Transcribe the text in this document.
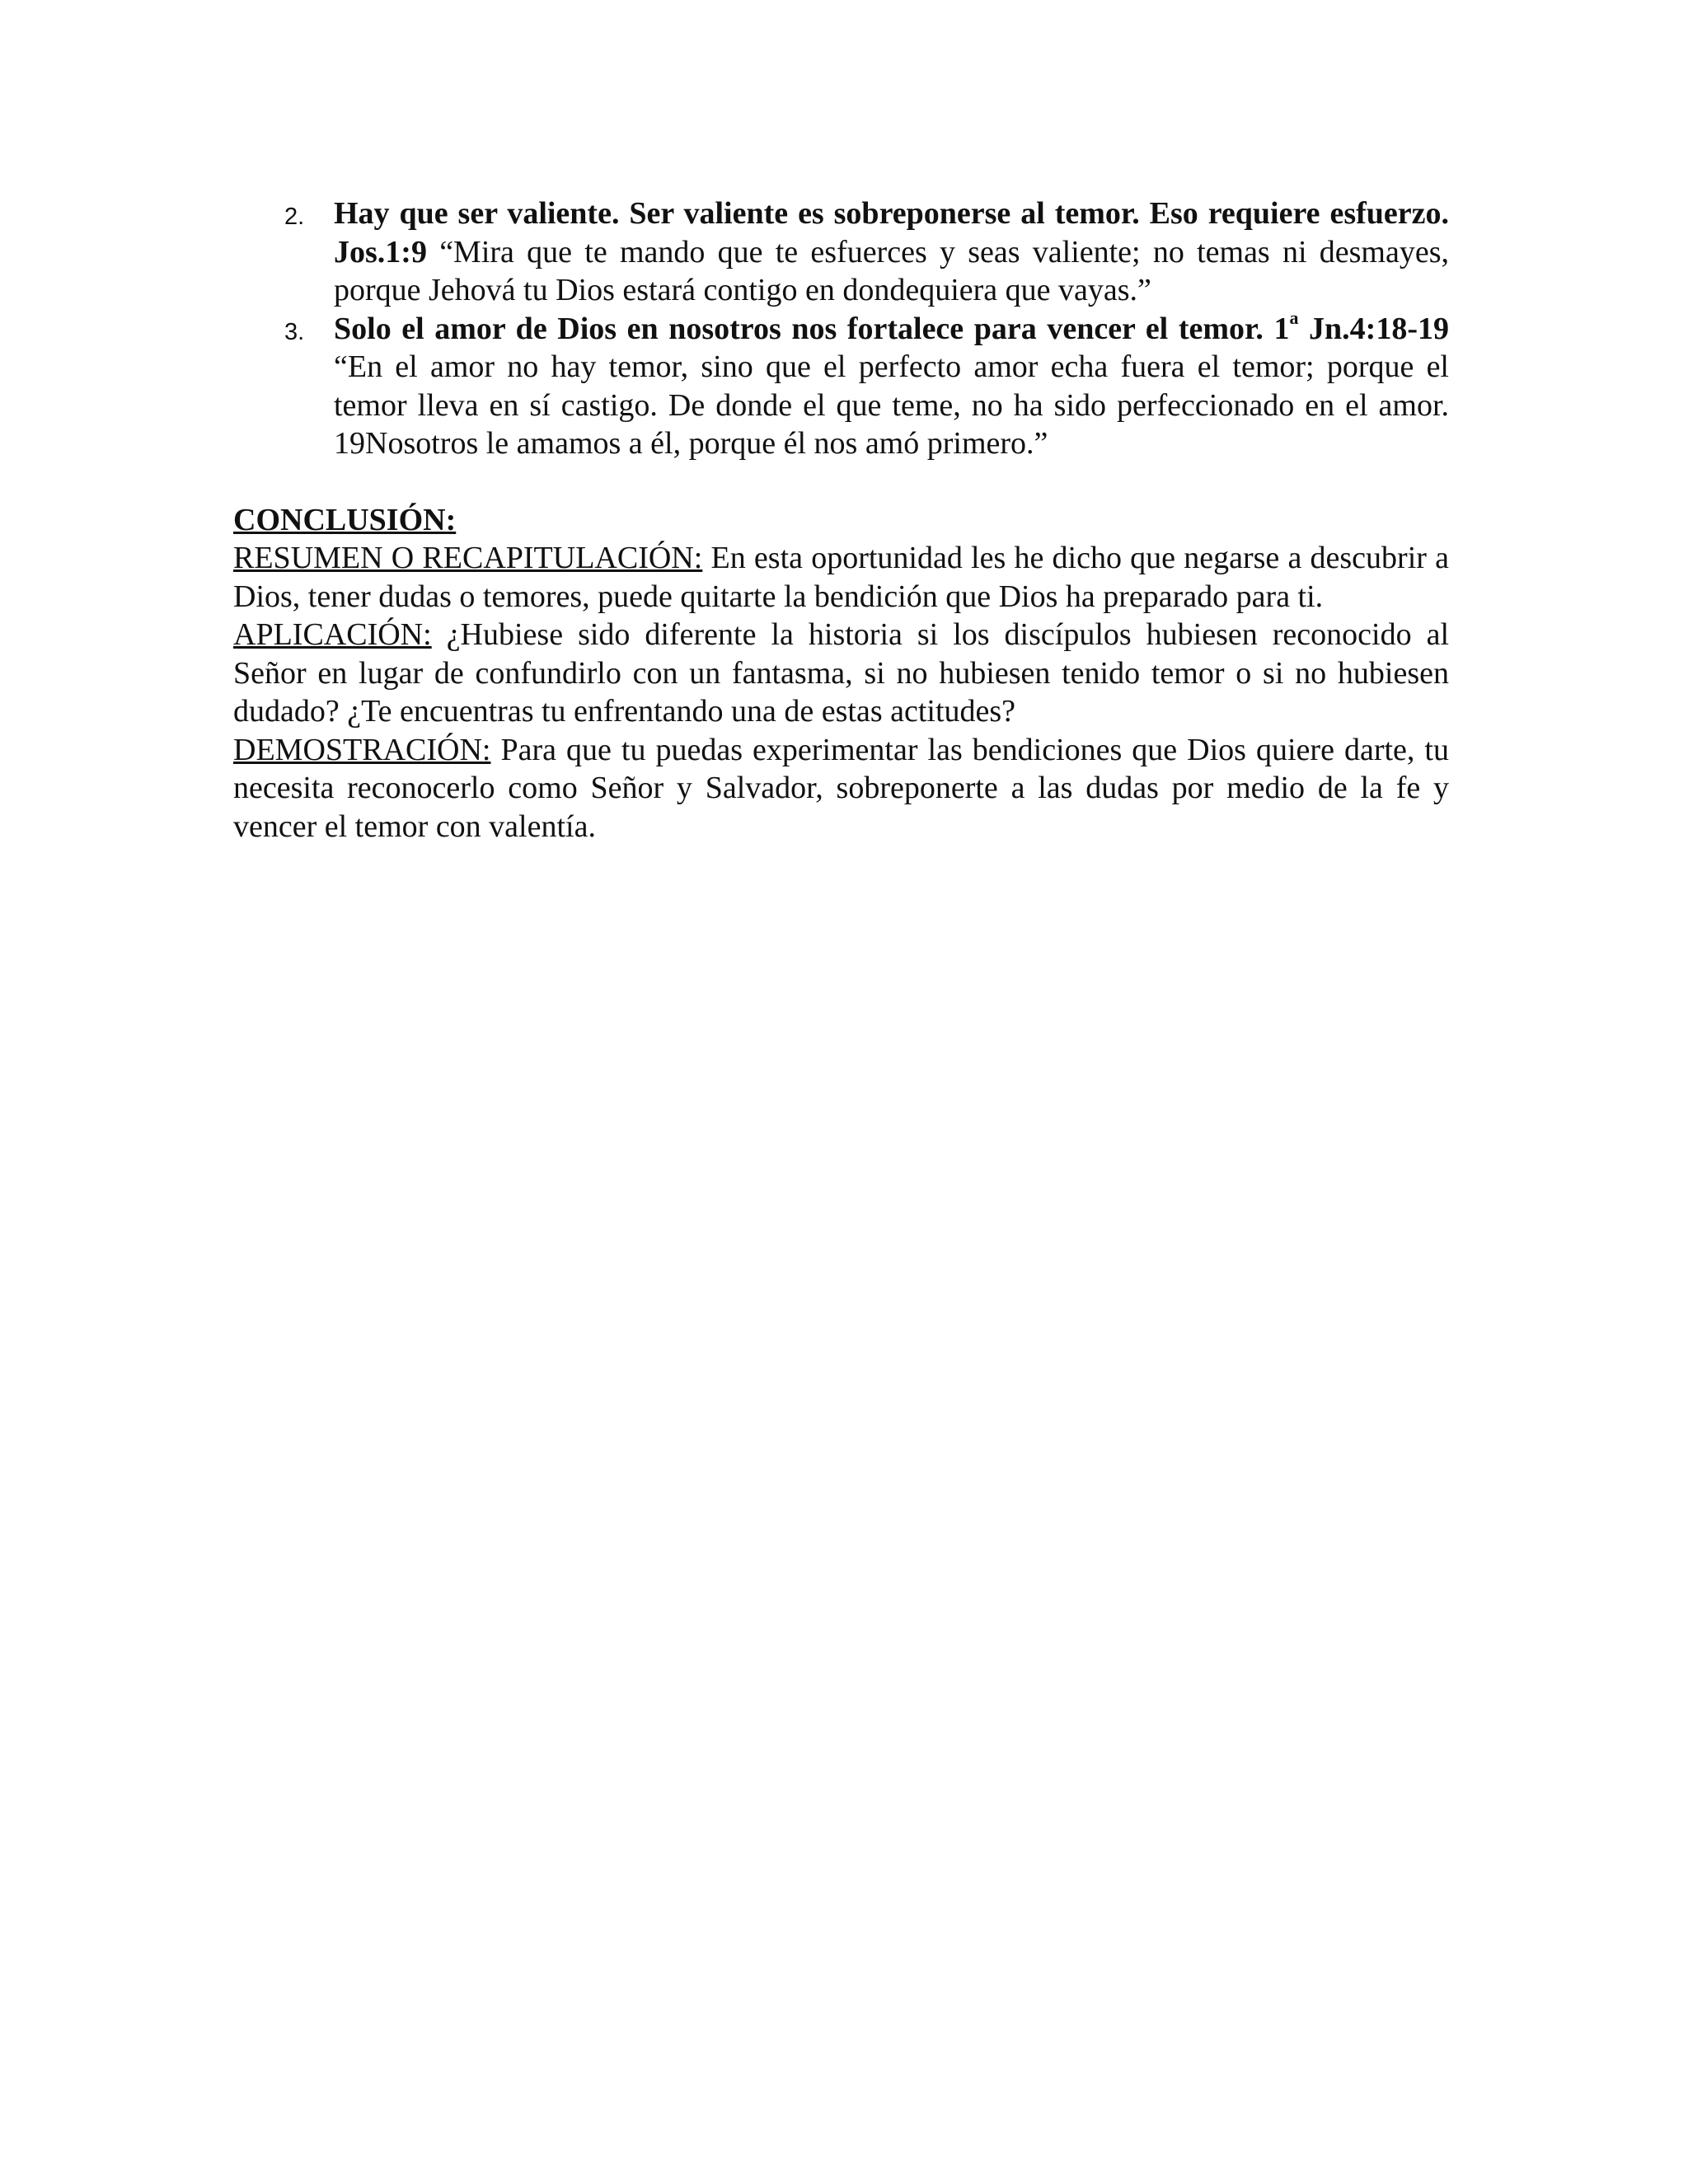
2. Hay que ser valiente. Ser valiente es sobreponerse al temor. Eso requiere esfuerzo. Jos.1:9 “Mira que te mando que te esfuerces y seas valiente; no temas ni desmayes, porque Jehová tu Dios estará contigo en dondequiera que vayas.”
3. Solo el amor de Dios en nosotros nos fortalece para vencer el temor. 1$^a$ Jn.4:18-19 “En el amor no hay temor, sino que el perfecto amor echa fuera el temor; porque el temor lleva en sí castigo. De donde el que teme, no ha sido perfeccionado en el amor. 19Nosotros le amamos a él, porque él nos amó primero.”

CONCLUSIÓN:

RESUMEN O RECAPITULACIÓN: En esta oportunidad les he dicho que negarse a descubrir a Dios, tener dudas o temores, puede quitarte la bendición que Dios ha preparado para ti.

APLICACIÓN: ¿Hubiese sido diferente la historia si los discípulos hubiesen reconocido al Señor en lugar de confundirlo con un fantasma, si no hubiesen tenido temor o si no hubiesen dudado? ¿Te encuentras tu enfrentando una de estas actitudes?

DEMOSTRACIÓN: Para que tu puedas experimentar las bendiciones que Dios quiere darte, tu necesita reconocerlo como Señor y Salvador, sobreponerte a las dudas por medio de la fe y vencer el temor con valentía.
